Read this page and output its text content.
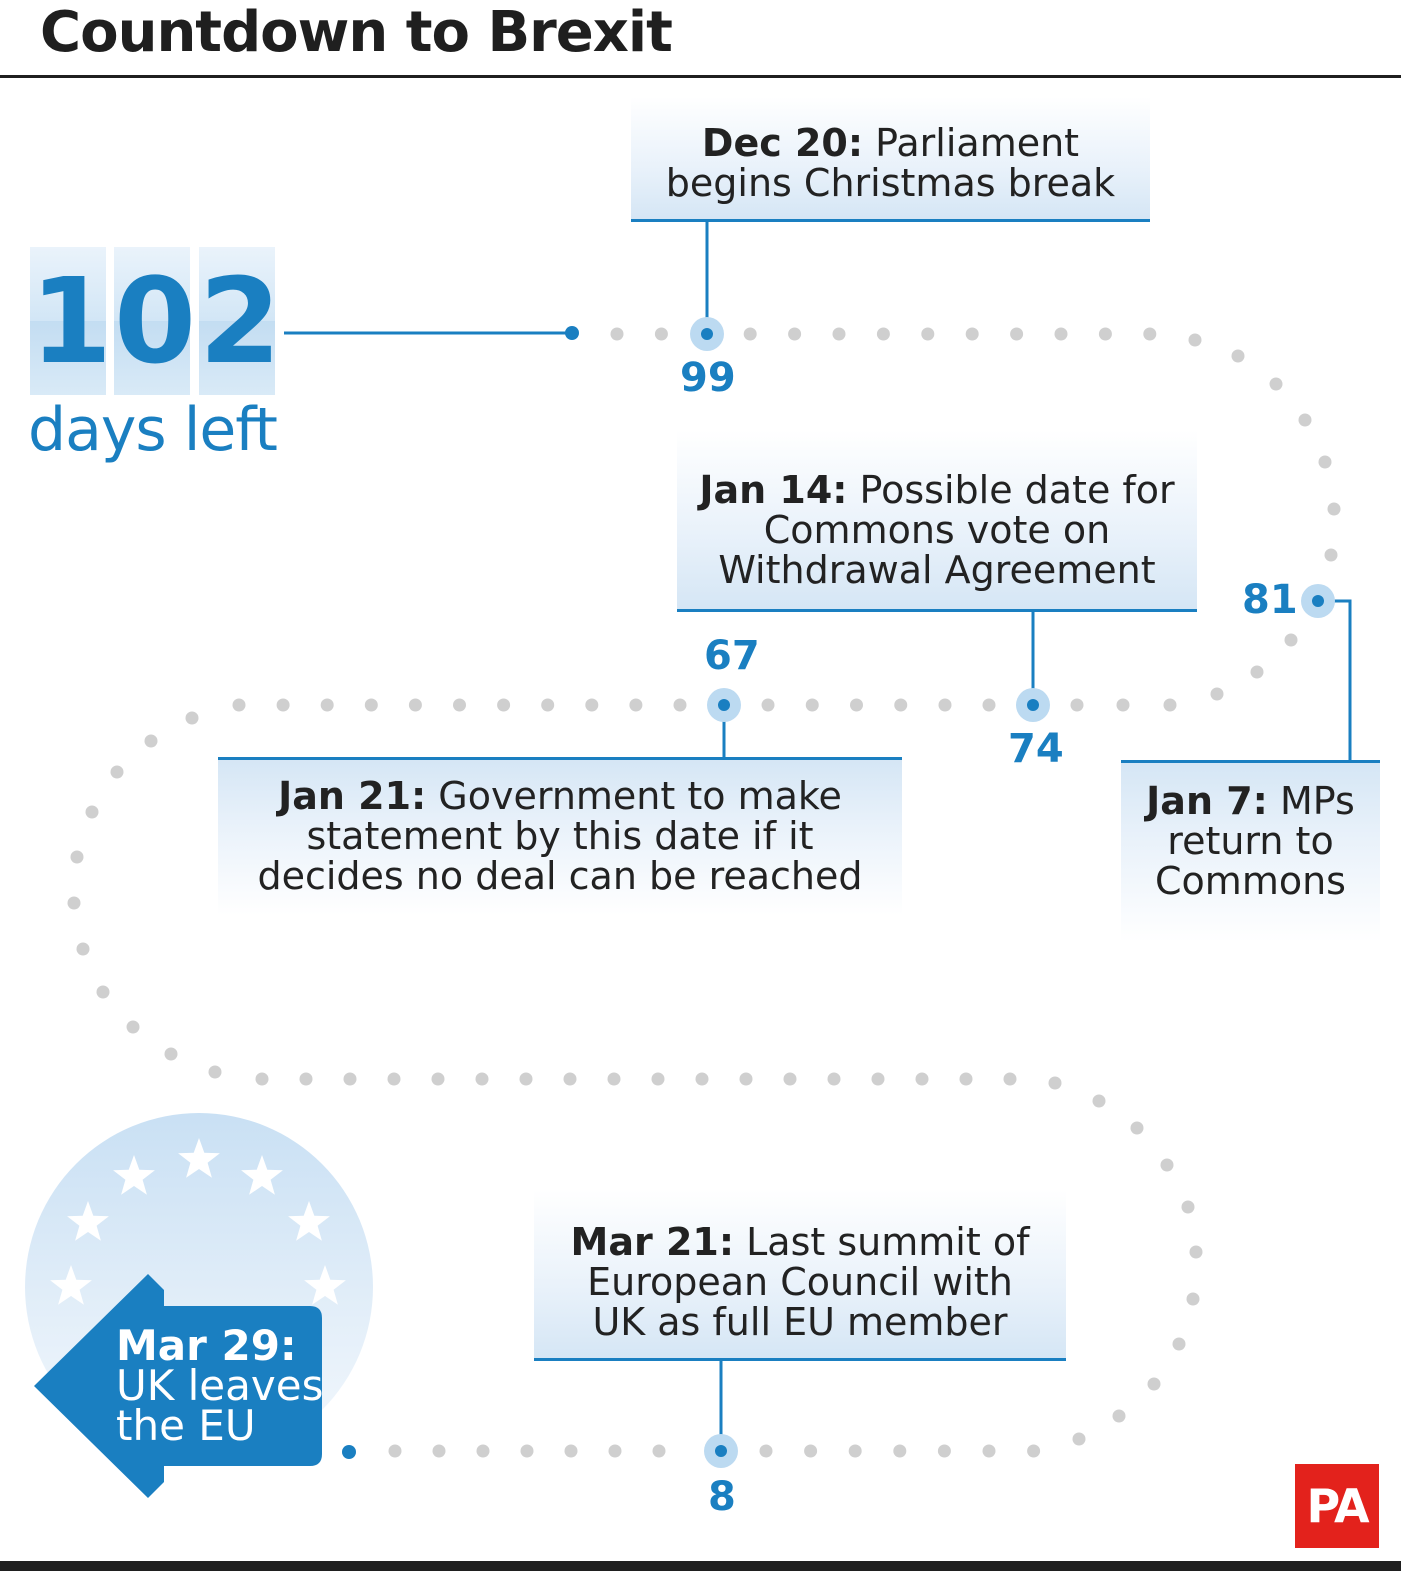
Countdown to Brexit
1 0 2
days left
Dec 20: Parliament
begins Christmas break
99
Jan 14: Possible date for
Commons vote on
Withdrawal Agreement
74
81
67
Jan 21: Government to make
statement by this date if it
decides no deal can be reached
Jan 7: MPs
return to
Commons
Mar 21: Last summit of
European Council with
UK as full EU member
8
Mar 29:
UK leaves
the EU
PA
